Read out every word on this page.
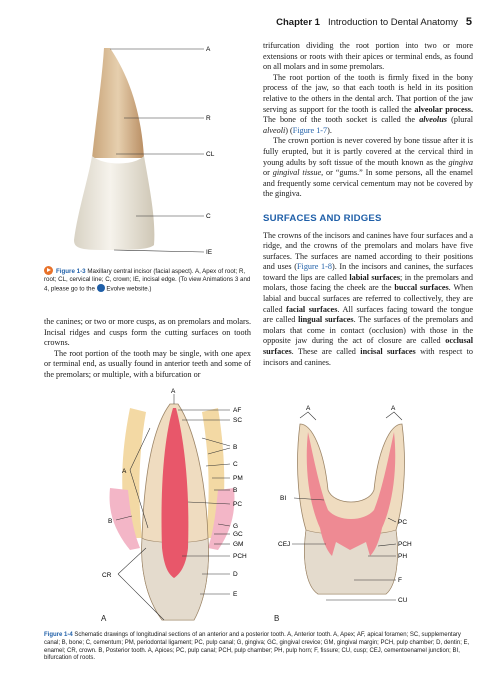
Chapter 1 Introduction to Dental Anatomy 5
A
R
CL
C
IE
Figure 1-3 Maxillary central incisor (facial aspect). A, Apex of root; R, root; CL, cervical line; C, crown; IE, incisal edge. (To view Animations 3 and 4, please go to the Evolve website.)

the canines; or two or more cusps, as on premolars and molars. Incisal ridges and cusps form the cutting surfaces on tooth crowns.

The root portion of the tooth may be single, with one apex or terminal end, as usually found in anterior teeth and some of the premolars; or multiple, with a bifurcation or

trifurcation dividing the root portion into two or more extensions or roots with their apices or terminal ends, as found on all molars and in some premolars.

The root portion of the tooth is firmly fixed in the bony process of the jaw, so that each tooth is held in its position relative to the others in the dental arch. That portion of the jaw serving as support for the tooth is called the alveolar process. The bone of the tooth socket is called the alveolus (plural alveoli) (Figure 1-7).

The crown portion is never covered by bone tissue after it is fully erupted, but it is partly covered at the cervical third in young adults by soft tissue of the mouth known as the gingiva or gingival tissue, or “gums.” In some persons, all the enamel and frequently some cervical cementum may not be covered by the gingiva.

SURFACES AND RIDGES

The crowns of the incisors and canines have four surfaces and a ridge, and the crowns of the premolars and molars have five surfaces. The surfaces are named according to their positions and uses (Figure 1-8). In the incisors and canines, the surfaces toward the lips are called labial surfaces; in the premolars and molars, those facing the cheek are the buccal surfaces. When labial and buccal surfaces are referred to collectively, they are called facial surfaces. All surfaces facing toward the tongue are called lingual surfaces. The surfaces of the premolars and molars that come in contact (occlusion) with those in the opposite jaw during the act of closure are called occlusal surfaces. These are called incisal surfaces with respect to incisors and canines.

A
AF
SC
B
C
PM
B
PC
G
GC
GM
PCH
D
E
A
B
CR
A	A
BI
PC
CEJ	PCH
PH
F
CU
A	B
Figure 1-4 Schematic drawings of longitudinal sections of an anterior and a posterior tooth. A, Anterior tooth. A, Apex; AF, apical foramen; SC, supplementary canal; B, bone; C, cementum; PM, periodontal ligament; PC, pulp canal; G, gingiva; GC, gingival crevice; GM, gingival margin; PCH, pulp chamber; D, dentin; E, enamel; CR, crown. B, Posterior tooth. A, Apices; PC, pulp canal; PCH, pulp chamber; PH, pulp horn; F, fissure; CU, cusp; CEJ, cementoenamel junction; BI, bifurcation of roots.
